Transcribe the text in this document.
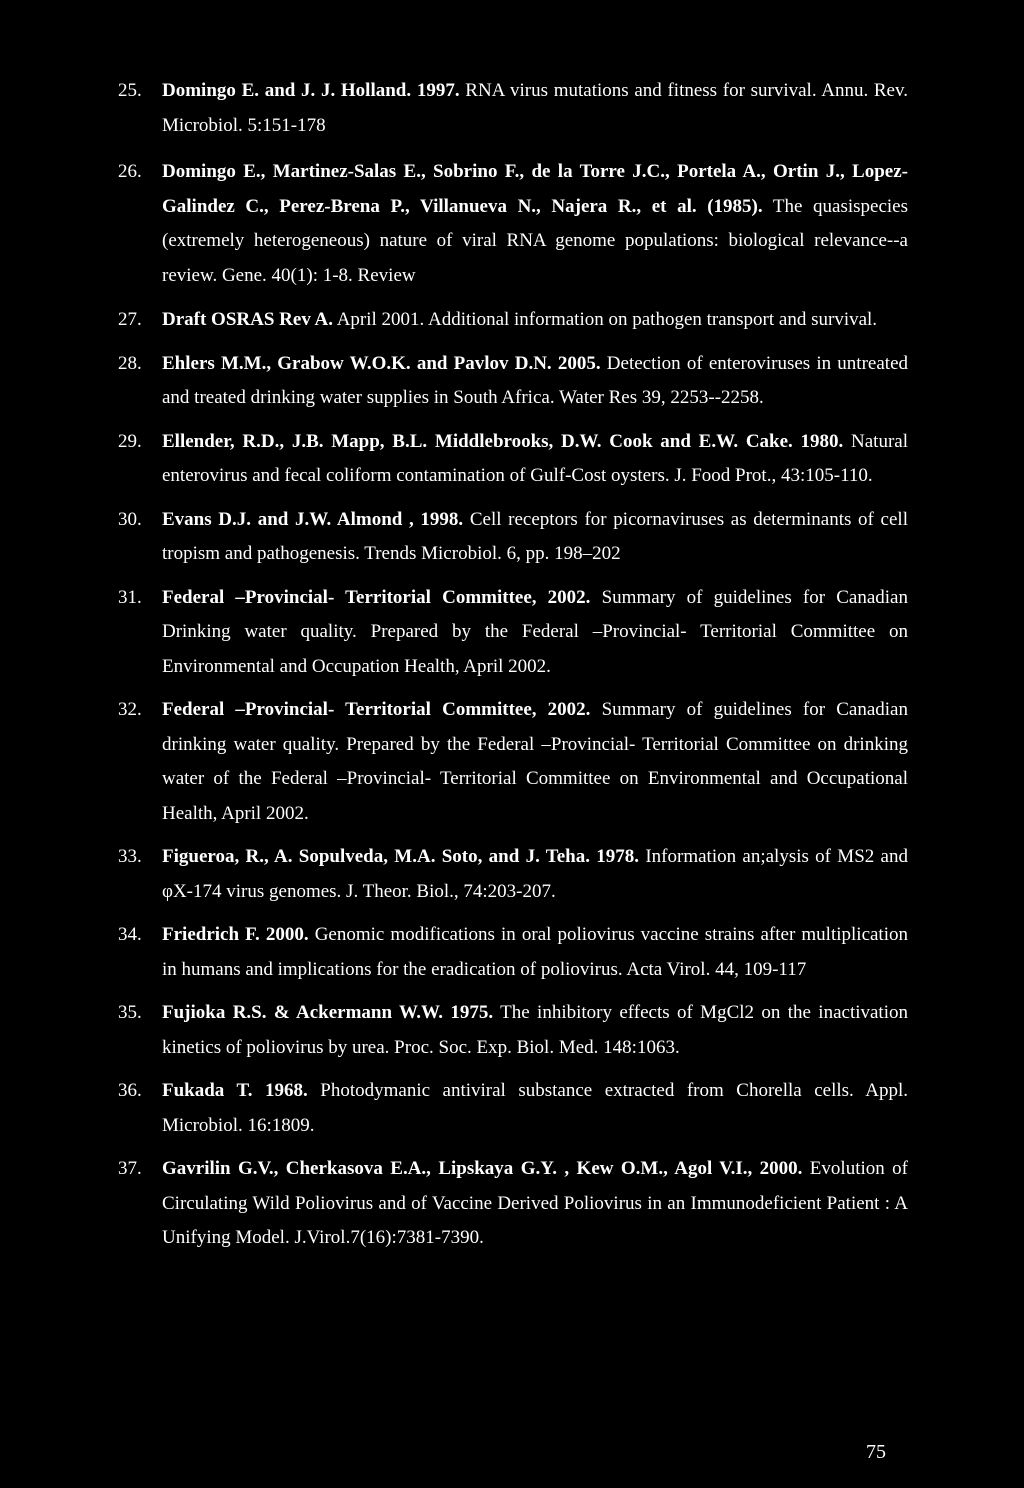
25. Domingo E. and J. J. Holland. 1997. RNA virus mutations and fitness for survival. Annu. Rev. Microbiol. 5:151-178
26. Domingo E., Martinez-Salas E., Sobrino F., de la Torre J.C., Portela A., Ortin J., Lopez-Galindez C., Perez-Brena P., Villanueva N., Najera R., et al. (1985). The quasispecies (extremely heterogeneous) nature of viral RNA genome populations: biological relevance--a review. Gene. 40(1): 1-8. Review
27. Draft OSRAS Rev A. April 2001. Additional information on pathogen transport and survival.
28. Ehlers M.M., Grabow W.O.K. and Pavlov D.N. 2005. Detection of enteroviruses in untreated and treated drinking water supplies in South Africa. Water Res 39, 2253--2258.
29. Ellender, R.D., J.B. Mapp, B.L. Middlebrooks, D.W. Cook and E.W. Cake. 1980. Natural enterovirus and fecal coliform contamination of Gulf-Cost oysters. J. Food Prot., 43:105-110.
30. Evans D.J. and J.W. Almond , 1998. Cell receptors for picornaviruses as determinants of cell tropism and pathogenesis. Trends Microbiol. 6, pp. 198–202
31. Federal –Provincial- Territorial Committee, 2002. Summary of guidelines for Canadian Drinking water quality. Prepared by the Federal –Provincial- Territorial Committee on Environmental and Occupation Health, April 2002.
32. Federal –Provincial- Territorial Committee, 2002. Summary of guidelines for Canadian drinking water quality. Prepared by the Federal –Provincial- Territorial Committee on drinking water of the Federal –Provincial- Territorial Committee on Environmental and Occupational Health, April 2002.
33. Figueroa, R., A. Sopulveda, M.A. Soto, and J. Teha. 1978. Information an;alysis of MS2 and φX-174 virus genomes. J. Theor. Biol., 74:203-207.
34. Friedrich F. 2000. Genomic modifications in oral poliovirus vaccine strains after multiplication in humans and implications for the eradication of poliovirus. Acta Virol. 44, 109-117
35. Fujioka R.S. & Ackermann W.W. 1975. The inhibitory effects of MgCl2 on the inactivation kinetics of poliovirus by urea. Proc. Soc. Exp. Biol. Med. 148:1063.
36. Fukada T. 1968. Photodymanic antiviral substance extracted from Chorella cells. Appl. Microbiol. 16:1809.
37. Gavrilin G.V., Cherkasova E.A., Lipskaya G.Y. , Kew O.M., Agol V.I., 2000. Evolution of Circulating Wild Poliovirus and of Vaccine Derived Poliovirus in an Immunodeficient Patient : A Unifying Model. J.Virol.7(16):7381-7390.
75
